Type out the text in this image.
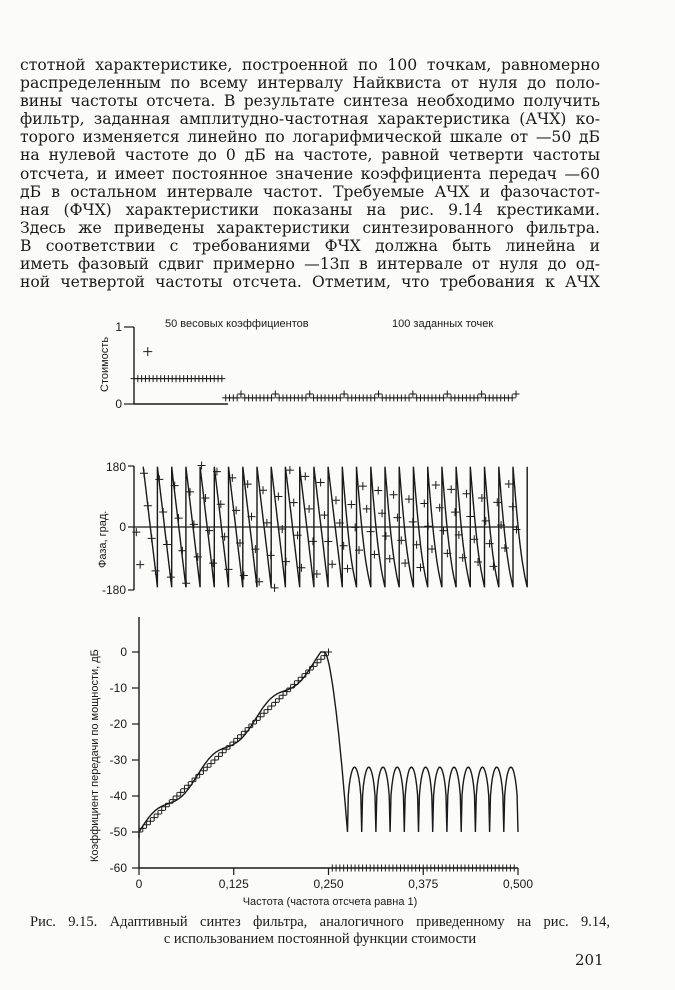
стотной характеристике, построенной по 100 точкам, равномерно
распределенным по всему интервалу Найквиста от нуля до поло-
вины частоты отсчета. В результате синтеза необходимо получить
фильтр, заданная амплитудно-частотная характеристика (АЧХ) ко-
торого изменяется линейно по логарифмической шкале от —50 дБ
на нулевой частоте до 0 дБ на частоте, равной четверти частоты
отсчета, и имеет постоянное значение коэффициента передач —60
дБ в остальном интервале частот. Требуемые АЧХ и фазочастот-
ная (ФЧХ) характеристики показаны на рис. 9.14 крестиками.
Здесь же приведены характеристики синтезированного фильтра.
В соответствии с требованиями ФЧХ должна быть линейна и
иметь фазовый сдвиг примерно —13π в интервале от нуля до од-
ной четвертой частоты отсчета. Отметим, что требования к АЧХ
1
0
Стоимость
50 весовых коэффициентов	100 заданных точек
180
0
-180
Фаза, град.
0
-10
-20
-30
-40
-50
-60
0	0,125	0,250	0,375	0,500
Коэффициент передачи по мощности, дБ
Частота (частота отсчета равна 1)
Рис. 9.15. Адаптивный синтез фильтра, аналогичного приведенному на рис. 9.14,
с использованием постоянной функции стоимости
201
